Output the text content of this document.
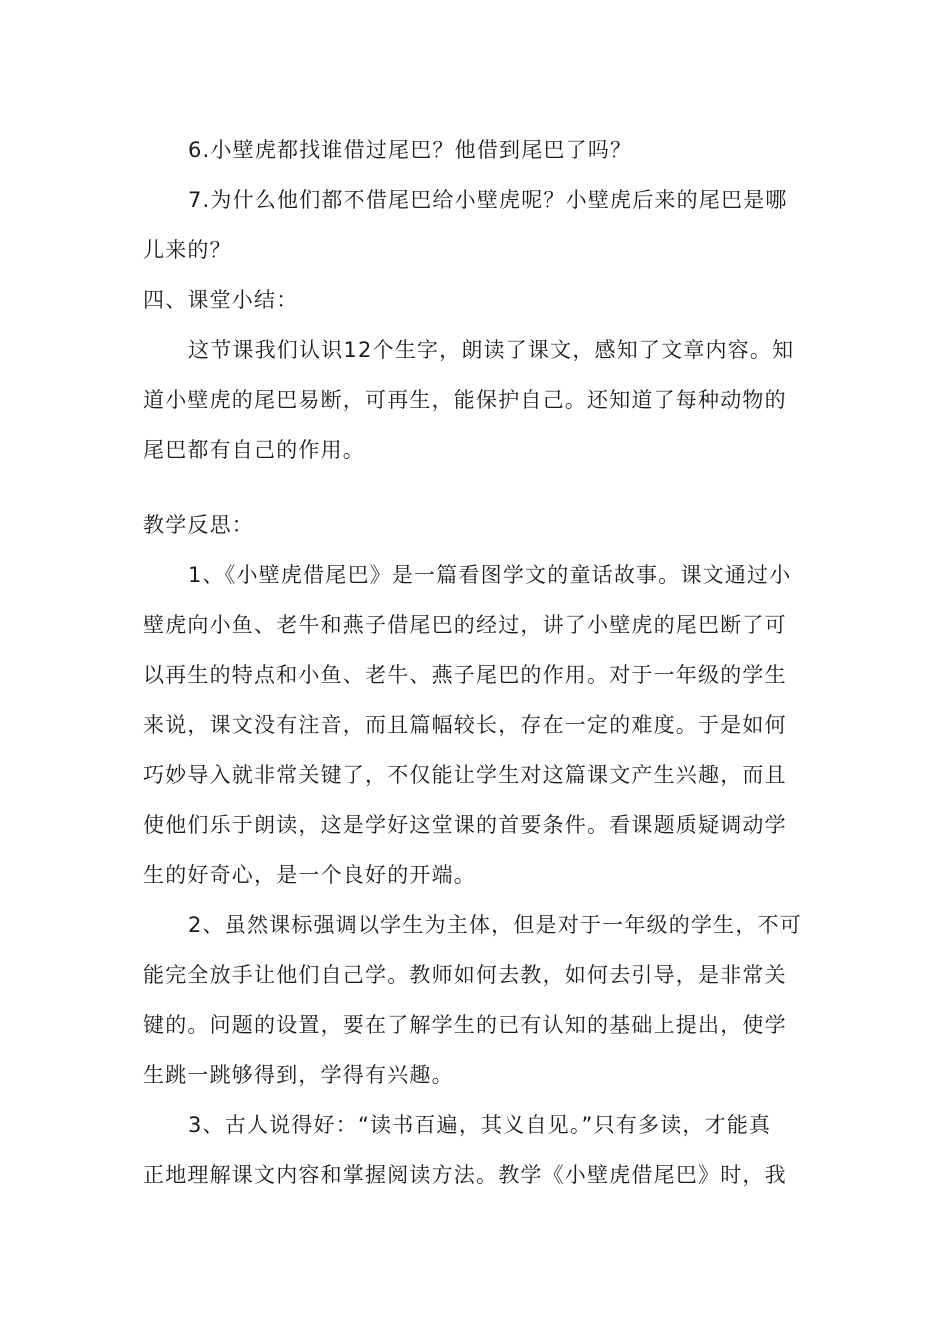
6.小壁虎都找谁借过尾巴？他借到尾巴了吗？
7.为什么他们都不借尾巴给小壁虎呢？小壁虎后来的尾巴是哪
儿来的？
四、课堂小结：
这节课我们认识12个生字，朗读了课文，感知了文章内容。知
道小壁虎的尾巴易断，可再生，能保护自己。还知道了每种动物的
尾巴都有自己的作用。
教学反思：
1、《小壁虎借尾巴》是一篇看图学文的童话故事。课文通过小
壁虎向小鱼、老牛和燕子借尾巴的经过，讲了小壁虎的尾巴断了可
以再生的特点和小鱼、老牛、燕子尾巴的作用。对于一年级的学生
来说，课文没有注音，而且篇幅较长，存在一定的难度。于是如何
巧妙导入就非常关键了，不仅能让学生对这篇课文产生兴趣，而且
使他们乐于朗读，这是学好这堂课的首要条件。看课题质疑调动学
生的好奇心，是一个良好的开端。
2、虽然课标强调以学生为主体，但是对于一年级的学生，不可
能完全放手让他们自己学。教师如何去教，如何去引导，是非常关
键的。问题的设置，要在了解学生的已有认知的基础上提出，使学
生跳一跳够得到，学得有兴趣。
3、古人说得好：“读书百遍，其义自见。”只有多读，才能真
正地理解课文内容和掌握阅读方法。教学《小壁虎借尾巴》时，我
